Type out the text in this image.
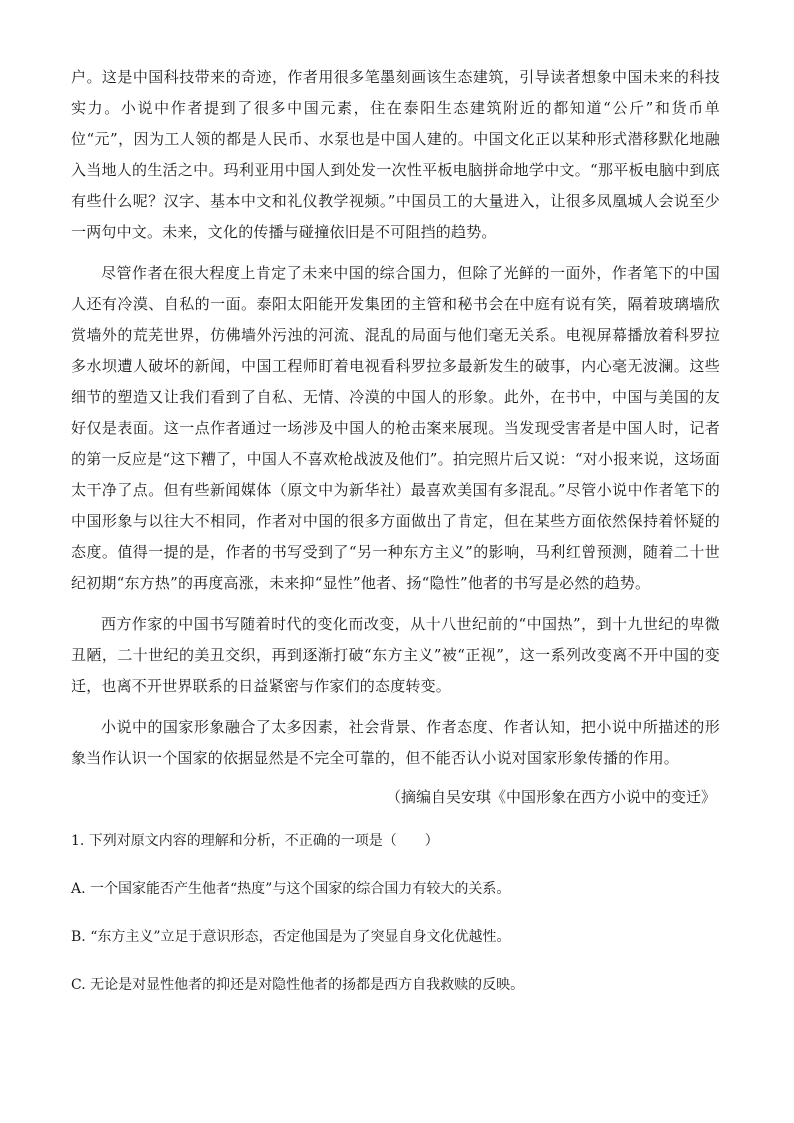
户。这是中国科技带来的奇迹，作者用很多笔墨刻画该生态建筑，引导读者想象中国未来的科技实力。小说中作者提到了很多中国元素，住在泰阳生态建筑附近的都知道“公斤”和货币单位“元”，因为工人领的都是人民币、水泵也是中国人建的。中国文化正以某种形式潜移默化地融入当地人的生活之中。玛利亚用中国人到处发一次性平板电脑拼命地学中文。“那平板电脑中到底有些什么呢？汉字、基本中文和礼仪教学视频。”中国员工的大量进入，让很多凤凰城人会说至少一两句中文。未来，文化的传播与碰撞依旧是不可阻挡的趋势。

尽管作者在很大程度上肯定了未来中国的综合国力，但除了光鲜的一面外，作者笔下的中国人还有冷漠、自私的一面。泰阳太阳能开发集团的主管和秘书会在中庭有说有笑，隔着玻璃墙欣赏墙外的荒芜世界，仿佛墙外污浊的河流、混乱的局面与他们毫无关系。电视屏幕播放着科罗拉多水坝遭人破坏的新闻，中国工程师盯着电视看科罗拉多最新发生的破事，内心毫无波澜。这些细节的塑造又让我们看到了自私、无情、冷漠的中国人的形象。此外，在书中，中国与美国的友好仅是表面。这一点作者通过一场涉及中国人的枪击案来展现。当发现受害者是中国人时，记者的第一反应是“这下糟了，中国人不喜欢枪战波及他们”。拍完照片后又说：“对小报来说，这场面太干净了点。但有些新闻媒体（原文中为新华社）最喜欢美国有多混乱。”尽管小说中作者笔下的中国形象与以往大不相同，作者对中国的很多方面做出了肯定，但在某些方面依然保持着怀疑的态度。值得一提的是，作者的书写受到了“另一种东方主义”的影响，马利红曾预测，随着二十世纪初期“东方热”的再度高涨，未来抑“显性”他者、扬“隐性”他者的书写是必然的趋势。

西方作家的中国书写随着时代的变化而改变，从十八世纪前的“中国热”，到十九世纪的卑微丑陋，二十世纪的美丑交织，再到逐渐打破“东方主义”被“正视”，这一系列改变离不开中国的变迁，也离不开世界联系的日益紧密与作家们的态度转变。

小说中的国家形象融合了太多因素，社会背景、作者态度、作者认知，把小说中所描述的形象当作认识一个国家的依据显然是不完全可靠的，但不能否认小说对国家形象传播的作用。

（摘编自吴安琪《中国形象在西方小说中的变迁》

1. 下列对原文内容的理解和分析，不正确的一项是（　　）

A. 一个国家能否产生他者“热度”与这个国家的综合国力有较大的关系。

B. “东方主义”立足于意识形态，否定他国是为了突显自身文化优越性。

C. 无论是对显性他者的抑还是对隐性他者的扬都是西方自我救赎的反映。
